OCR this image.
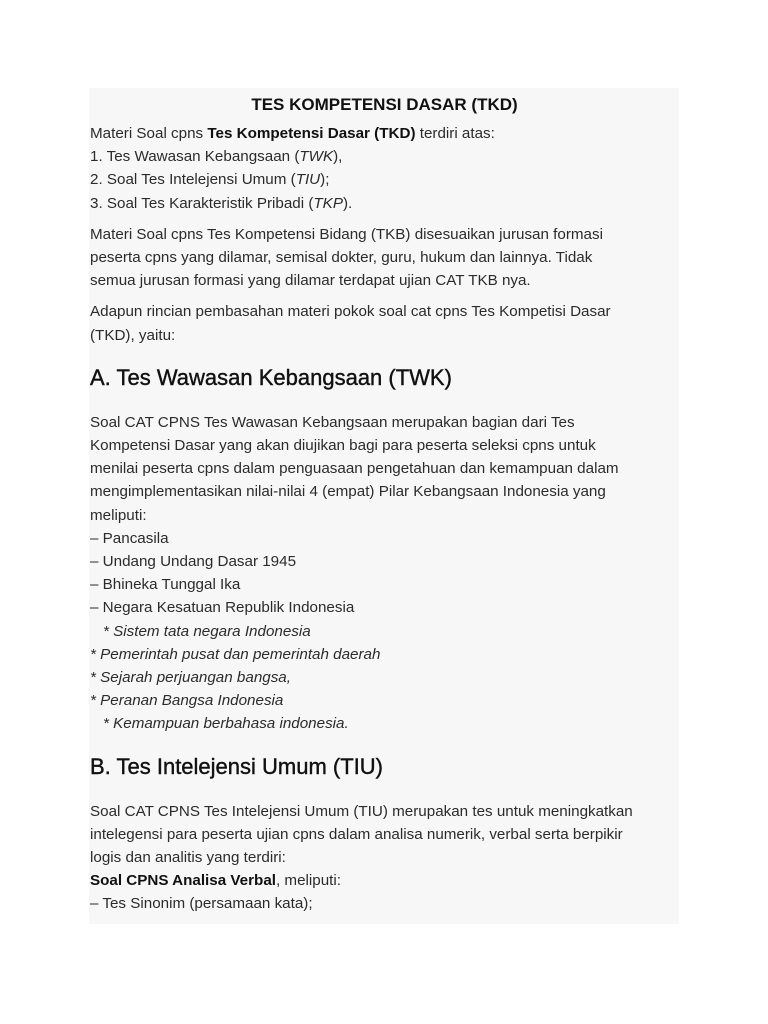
TES KOMPETENSI DASAR (TKD)

Materi Soal cpns Tes Kompetensi Dasar (TKD) terdiri atas:

1. Tes Wawasan Kebangsaan (TWK),

2. Soal Tes Intelejensi Umum (TIU);

3. Soal Tes Karakteristik Pribadi (TKP).

Materi Soal cpns Tes Kompetensi Bidang (TKB) disesuaikan jurusan formasi

peserta cpns yang dilamar, semisal dokter, guru, hukum dan lainnya. Tidak

semua jurusan formasi yang dilamar terdapat ujian CAT TKB nya.

Adapun rincian pembasahan materi pokok soal cat cpns Tes Kompetisi Dasar

(TKD), yaitu:

A. Tes Wawasan Kebangsaan (TWK)

Soal CAT CPNS Tes Wawasan Kebangsaan merupakan bagian dari Tes

Kompetensi Dasar yang akan diujikan bagi para peserta seleksi cpns untuk

menilai peserta cpns dalam penguasaan pengetahuan dan kemampuan dalam

mengimplementasikan nilai-nilai 4 (empat) Pilar Kebangsaan Indonesia yang

meliputi:

– Pancasila

– Undang Undang Dasar 1945

– Bhineka Tunggal Ika

– Negara Kesatuan Republik Indonesia

* Sistem tata negara Indonesia

* Pemerintah pusat dan pemerintah daerah

* Sejarah perjuangan bangsa,

* Peranan Bangsa Indonesia

* Kemampuan berbahasa indonesia.

B. Tes Intelejensi Umum (TIU)

Soal CAT CPNS Tes Intelejensi Umum (TIU) merupakan tes untuk meningkatkan

intelegensi para peserta ujian cpns dalam analisa numerik, verbal serta berpikir

logis dan analitis yang terdiri:

Soal CPNS Analisa Verbal, meliputi:

– Tes Sinonim (persamaan kata);
